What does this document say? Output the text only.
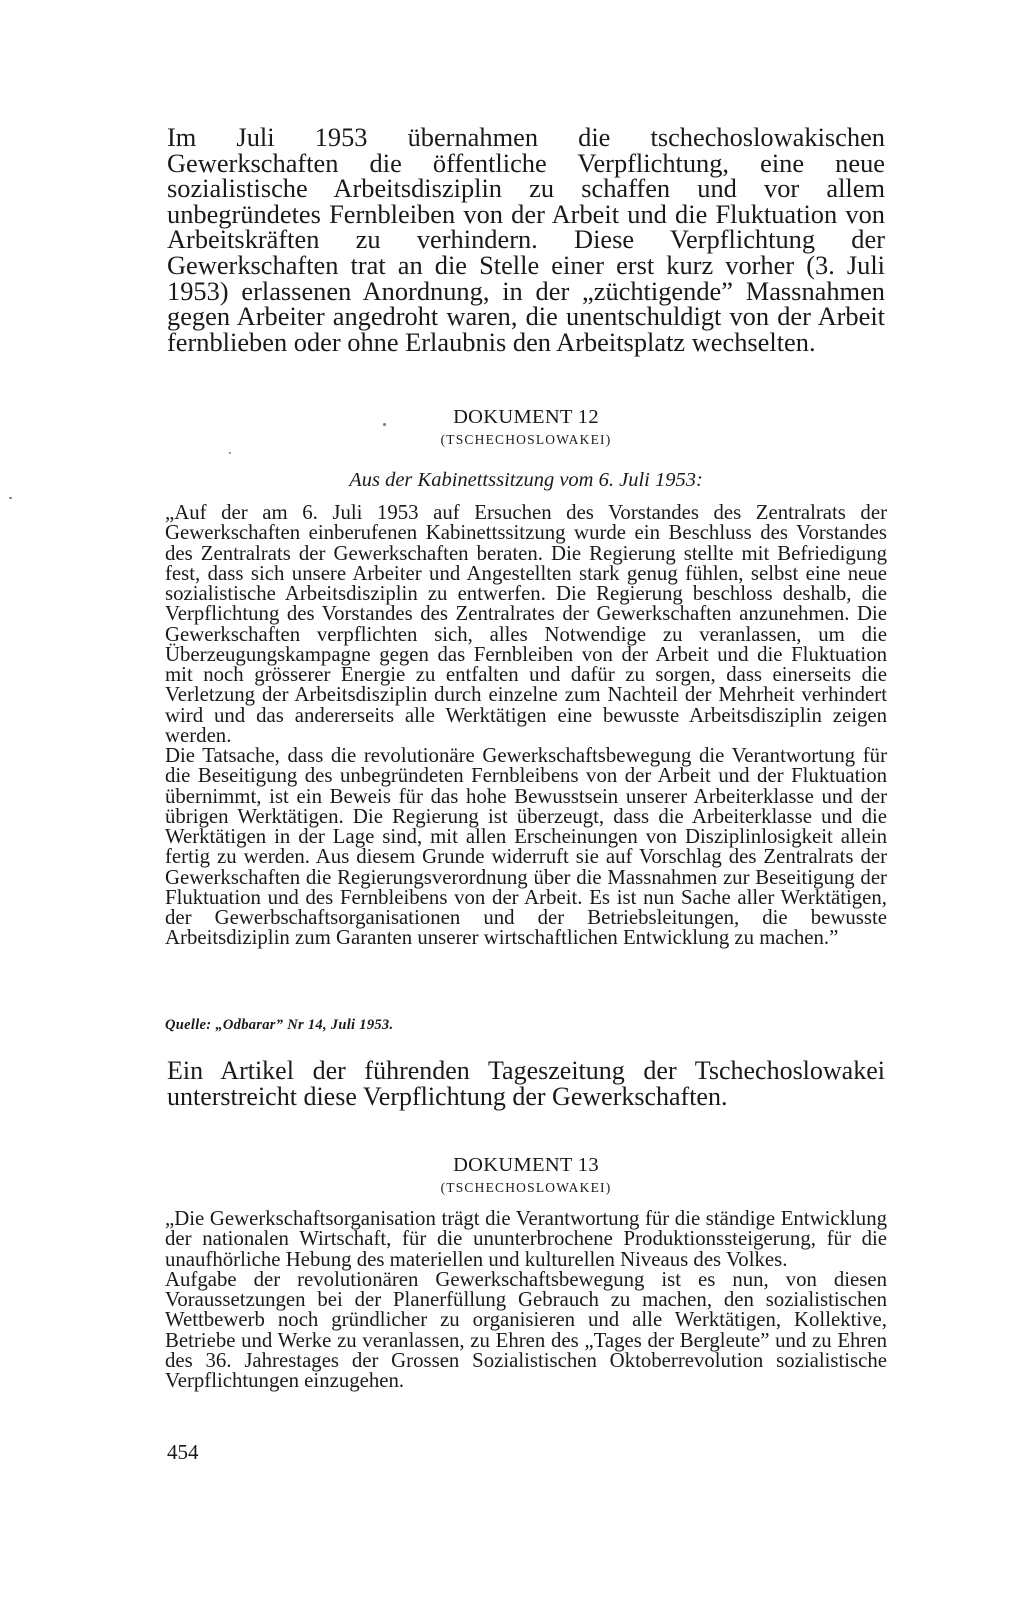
Im Juli 1953 übernahmen die tschechoslowakischen Gewerkschaften die öffentliche Verpflichtung, eine neue sozialistische Arbeitsdisziplin zu schaffen und vor allem unbegründetes Fernbleiben von der Arbeit und die Fluktuation von Arbeitskräften zu verhindern. Diese Verpflichtung der Gewerkschaften trat an die Stelle einer erst kurz vorher (3. Juli 1953) erlassenen Anordnung, in der „züchtigende” Massnahmen gegen Arbeiter angedroht waren, die unentschuldigt von der Arbeit fernblieben oder ohne Erlaubnis den Arbeitsplatz wechselten.

DOKUMENT 12
(TSCHECHOSLOWAKEI)
Aus der Kabinettssitzung vom 6. Juli 1953:

„Auf der am 6. Juli 1953 auf Ersuchen des Vorstandes des Zentralrats der Gewerkschaften einberufenen Kabinettssitzung wurde ein Beschluss des Vorstandes des Zentralrats der Gewerkschaften beraten. Die Regierung stellte mit Befriedigung fest, dass sich unsere Arbeiter und Angestellten stark genug fühlen, selbst eine neue sozialistische Arbeitsdisziplin zu entwerfen. Die Regierung beschloss deshalb, die Verpflichtung des Vorstandes des Zentralrates der Gewerkschaften anzunehmen. Die Gewerkschaften verpflichten sich, alles Notwendige zu veranlassen, um die Überzeugungskampagne gegen das Fernbleiben von der Arbeit und die Fluktuation mit noch grösserer Energie zu entfalten und dafür zu sorgen, dass einerseits die Verletzung der Arbeitsdisziplin durch einzelne zum Nachteil der Mehrheit verhindert wird und das andererseits alle Werktätigen eine bewusste Arbeitsdisziplin zeigen werden.

Die Tatsache, dass die revolutionäre Gewerkschaftsbewegung die Verantwortung für die Beseitigung des unbegründeten Fernbleibens von der Arbeit und der Fluktuation übernimmt, ist ein Beweis für das hohe Bewusstsein unserer Arbeiterklasse und der übrigen Werktätigen. Die Regierung ist überzeugt, dass die Arbeiterklasse und die Werktätigen in der Lage sind, mit allen Erscheinungen von Disziplinlosigkeit allein fertig zu werden. Aus diesem Grunde widerruft sie auf Vorschlag des Zentralrats der Gewerkschaften die Regierungsverordnung über die Massnahmen zur Beseitigung der Fluktuation und des Fernbleibens von der Arbeit. Es ist nun Sache aller Werktätigen, der Gewerbschaftsorganisationen und der Betriebsleitungen, die bewusste Arbeitsdiziplin zum Garanten unserer wirtschaftlichen Entwicklung zu machen.”

Quelle: „Odbarar” Nr 14, Juli 1953.

Ein Artikel der führenden Tageszeitung der Tschechoslowakei unterstreicht diese Verpflichtung der Gewerkschaften.

DOKUMENT 13
(TSCHECHOSLOWAKEI)

„Die Gewerkschaftsorganisation trägt die Verantwortung für die ständige Entwicklung der nationalen Wirtschaft, für die ununterbrochene Produktionssteigerung, für die unaufhörliche Hebung des materiellen und kulturellen Niveaus des Volkes.

Aufgabe der revolutionären Gewerkschaftsbewegung ist es nun, von diesen Voraussetzungen bei der Planerfüllung Gebrauch zu machen, den sozialistischen Wettbewerb noch gründlicher zu organisieren und alle Werktätigen, Kollektive, Betriebe und Werke zu veranlassen, zu Ehren des „Tages der Bergleute” und zu Ehren des 36. Jahrestages der Grossen Sozialistischen Oktoberrevolution sozialistische Verpflichtungen einzugehen.

454
